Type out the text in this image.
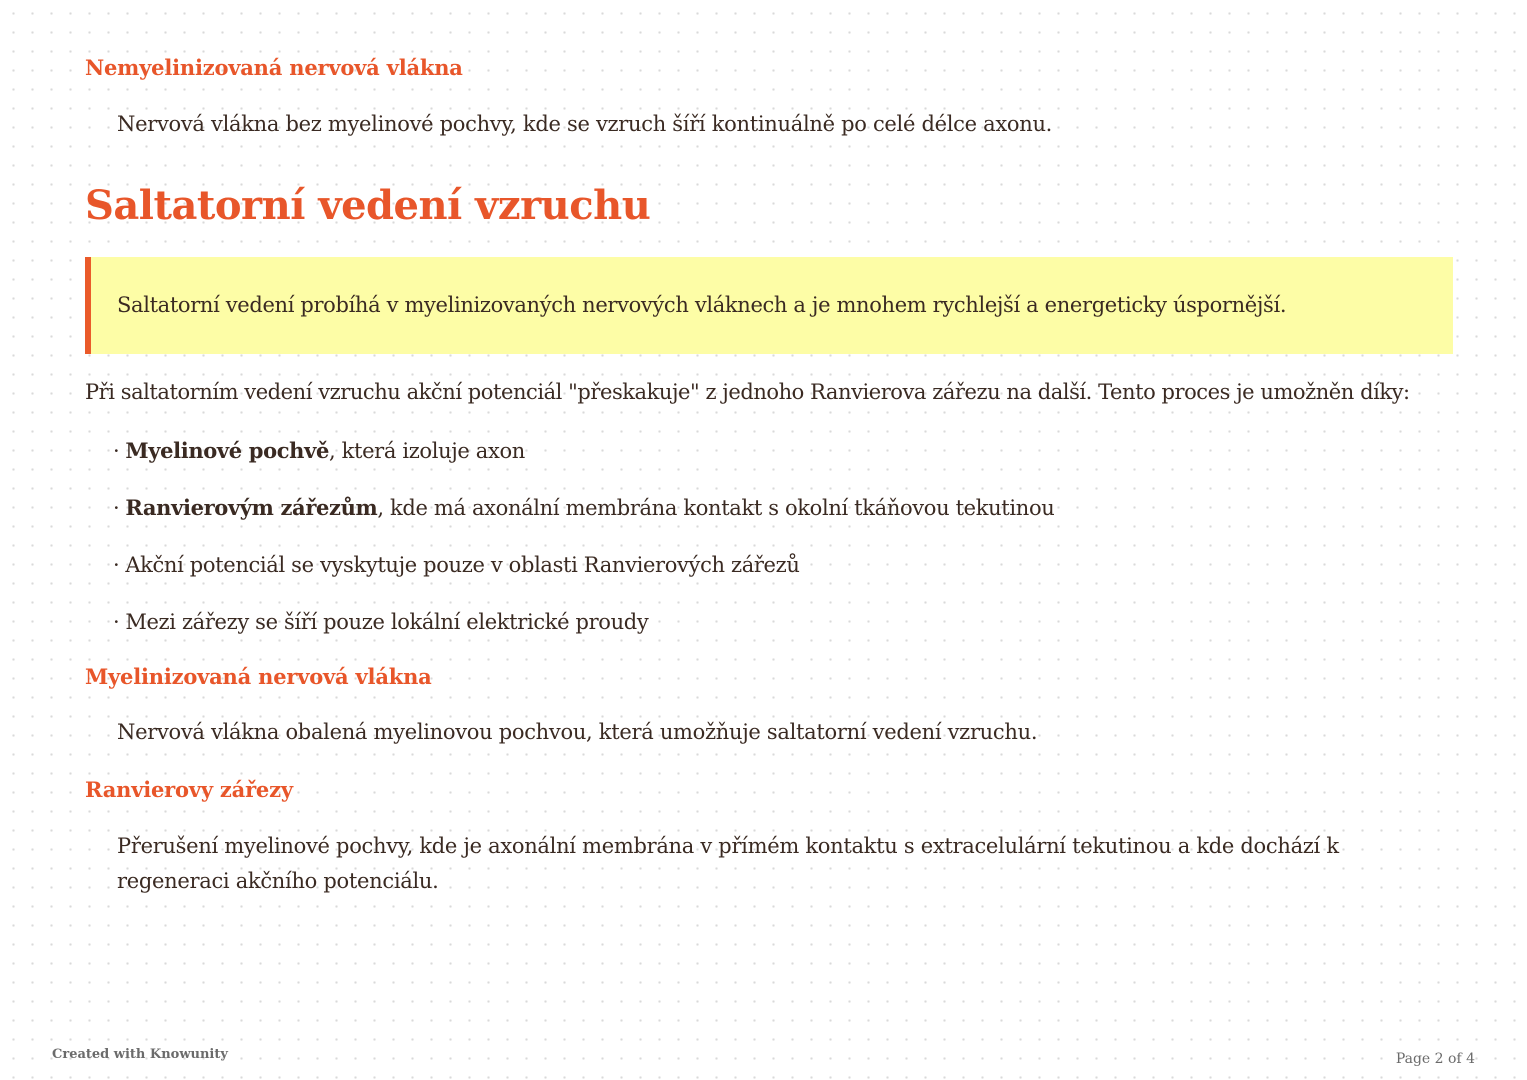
Nemyelinizovaná nervová vlákna
Nervová vlákna bez myelinové pochvy, kde se vzruch šíří kontinuálně po celé délce axonu.
Saltatorní vedení vzruchu
Saltatorní vedení probíhá v myelinizovaných nervových vláknech a je mnohem rychlejší a energeticky úspornější.
Při saltatorním vedení vzruchu akční potenciál "přeskakuje" z jednoho Ranvierova zářezu na další. Tento proces je umožněn díky:
· Myelinové pochvě, která izoluje axon
· Ranvierovým zářezům, kde má axonální membrána kontakt s okolní tkáňovou tekutinou
· Akční potenciál se vyskytuje pouze v oblasti Ranvierových zářezů
· Mezi zářezy se šíří pouze lokální elektrické proudy
Myelinizovaná nervová vlákna
Nervová vlákna obalená myelinovou pochvou, která umožňuje saltatorní vedení vzruchu.
Ranvierovy zářezy
Přerušení myelinové pochvy, kde je axonální membrána v přímém kontaktu s extracelulární tekutinou a kde dochází k
regeneraci akčního potenciálu.
Created with Knowunity	Page 2 of 4
